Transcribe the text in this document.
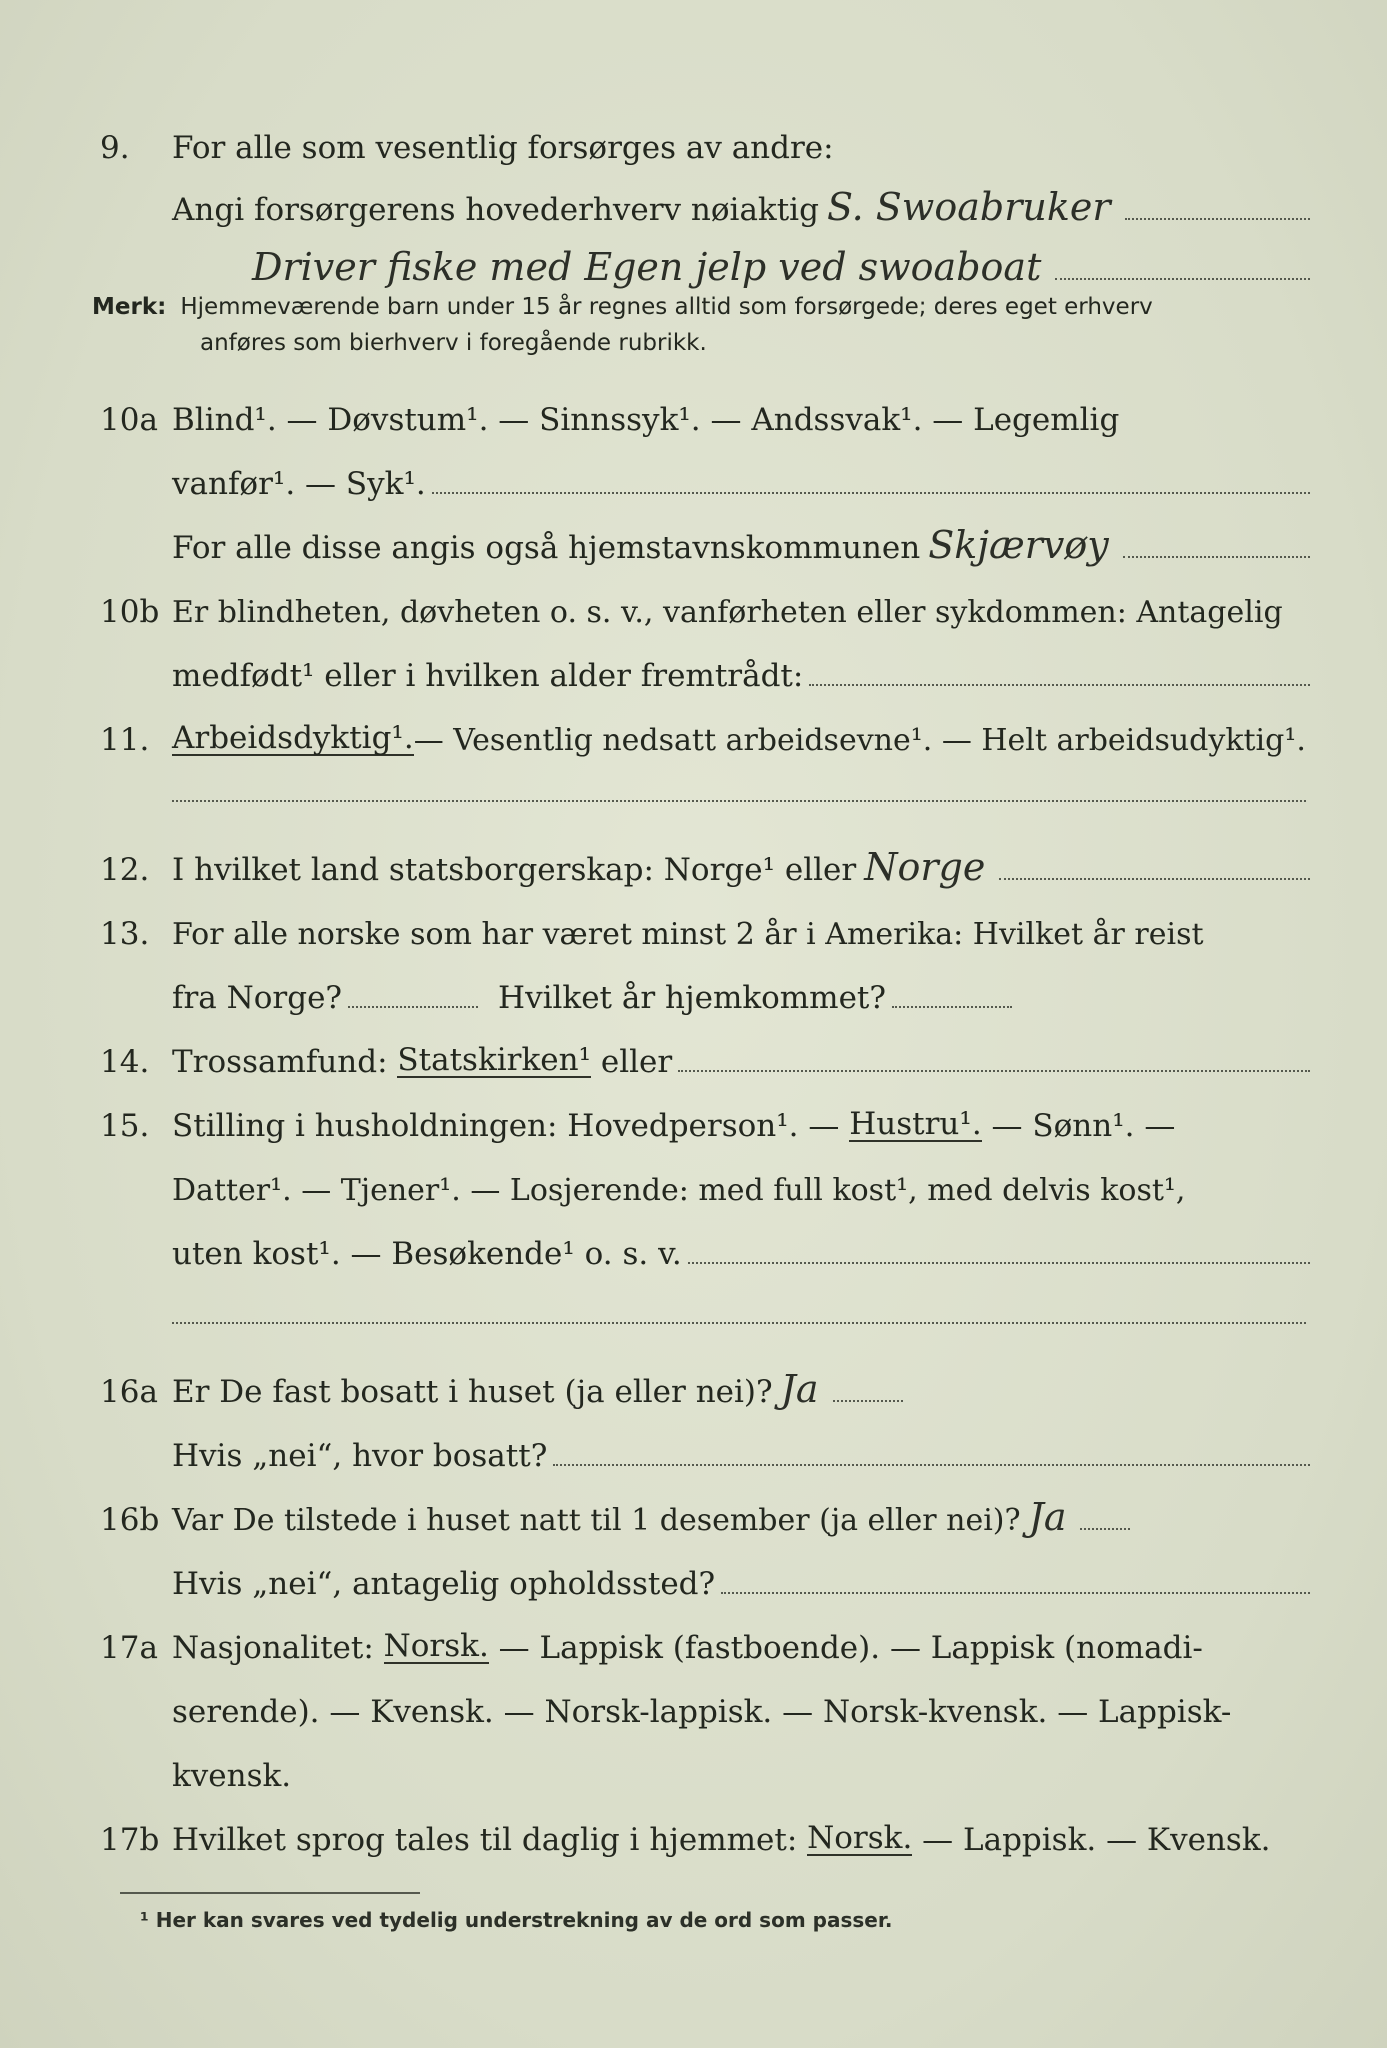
9.	For alle som vesentlig forsørges av andre:
Angi forsørgerens hovederhverv nøiaktig S. Swoabruker
Driver fiske med Egen jelp ved swoaboat
Merk: Hjemmeværende barn under 15 år regnes alltid som forsørgede; deres eget erhverv
anføres som bierhverv i foregående rubrikk.
10a Blind¹. — Døvstum¹. — Sinnssyk¹. — Andssvak¹. — Legemlig
vanfør¹. — Syk¹.
For alle disse angis også hjemstavnskommunen Skjærvøy
10b Er blindheten, døvheten o. s. v., vanførheten eller sykdommen: Antagelig
medfødt¹ eller i hvilken alder fremtrådt:
11. Arbeidsdyktig¹. — Vesentlig nedsatt arbeidsevne¹. — Helt arbeidsudyktig¹.
12. I hvilket land statsborgerskap: Norge¹ eller Norge
13. For alle norske som har været minst 2 år i Amerika: Hvilket år reist
fra Norge?	Hvilket år hjemkommet?
14. Trossamfund: Statskirken¹ eller
15. Stilling i husholdningen: Hovedperson¹. — Hustru¹. — Sønn¹. —
Datter¹. — Tjener¹. — Losjerende: med full kost¹, med delvis kost¹,
uten kost¹. — Besøkende¹ o. s. v.
16a Er De fast bosatt i huset (ja eller nei)? Ja
Hvis „nei“, hvor bosatt?
16b Var De tilstede i huset natt til 1 desember (ja eller nei)? Ja
Hvis „nei“, antagelig opholdssted?
17a Nasjonalitet: Norsk. — Lappisk (fastboende). — Lappisk (nomadi-
serende). — Kvensk. — Norsk-lappisk. — Norsk-kvensk. — Lappisk-
kvensk.
17b Hvilket sprog tales til daglig i hjemmet: Norsk. — Lappisk. — Kvensk.
¹ Her kan svares ved tydelig understrekning av de ord som passer.
